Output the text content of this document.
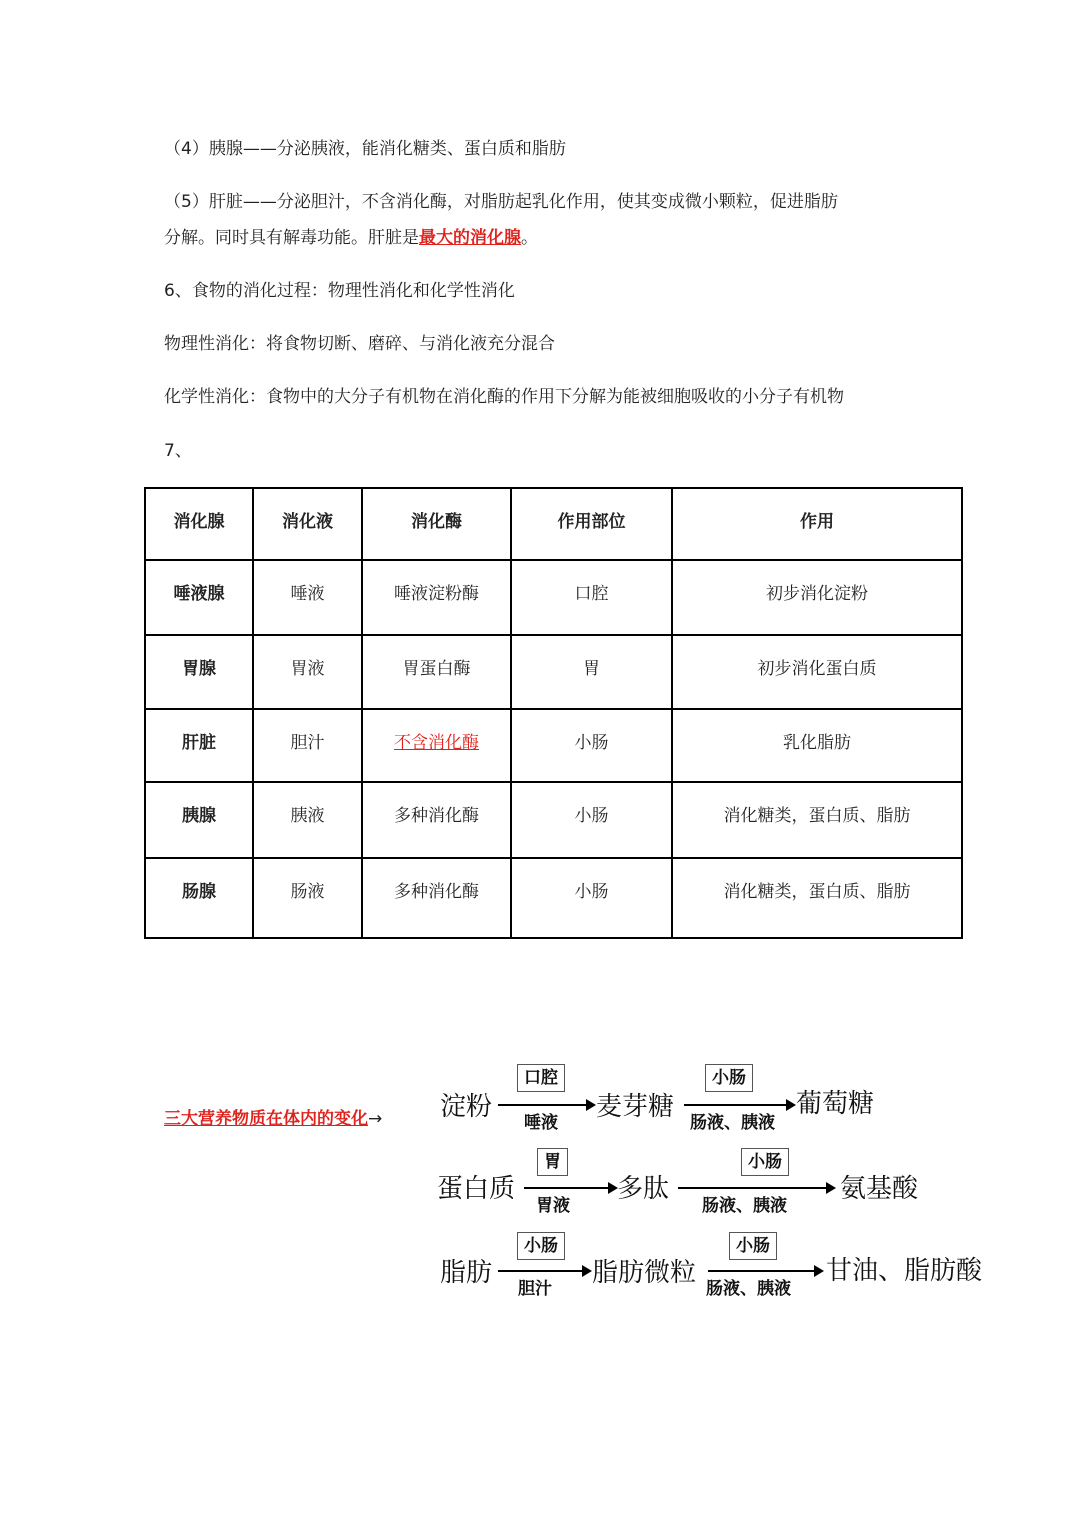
（4）胰腺——分泌胰液，能消化糖类、蛋白质和脂肪
（5）肝脏——分泌胆汁，不含消化酶，对脂肪起乳化作用，使其变成微小颗粒，促进脂肪
分解。同时具有解毒功能。肝脏是最大的消化腺。
6、食物的消化过程：物理性消化和化学性消化
物理性消化：将食物切断、磨碎、与消化液充分混合
化学性消化：食物中的大分子有机物在消化酶的作用下分解为能被细胞吸收的小分子有机物
7、
消化腺	消化液	消化酶	作用部位	作用
唾液腺	唾液	唾液淀粉酶	口腔	初步消化淀粉
胃腺	胃液	胃蛋白酶	胃	初步消化蛋白质
肝脏	胆汁	不含消化酶	小肠	乳化脂肪
胰腺	胰液	多种消化酶	小肠	消化糖类，蛋白质、脂肪
肠腺	肠液	多种消化酶	小肠	消化糖类，蛋白质、脂肪
三大营养物质在体内的变化→ 淀粉
口腔
唾液
麦芽糖
小肠
肠液、胰液
葡萄糖
蛋白质
胃
胃液
多肽
小肠
肠液、胰液
氨基酸
脂肪
小肠
胆汁
脂肪微粒
小肠
肠液、胰液
甘油、脂肪酸
